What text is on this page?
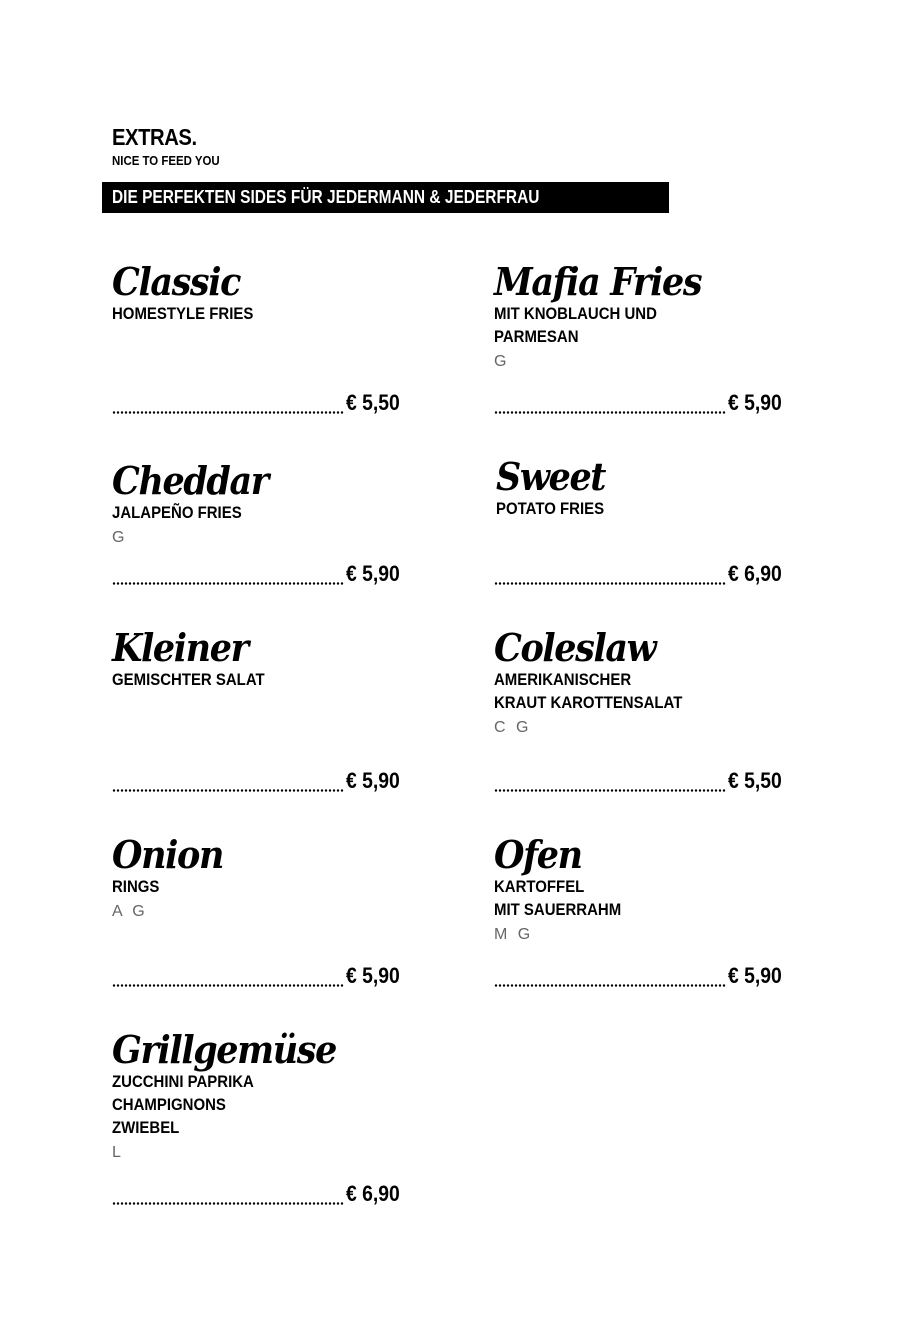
EXTRAS.
NICE TO FEED YOU
DIE PERFEKTEN SIDES FÜR JEDERMANN & JEDERFRAU
Classic
HOMESTYLE FRIES
€ 5,50
Mafia Fries
MIT KNOBLAUCH UND
PARMESAN
G
€ 5,90
Cheddar
JALAPEÑO FRIES
G
€ 5,90
Sweet
POTATO FRIES
€ 6,90
Kleiner
GEMISCHTER SALAT
€ 5,90
Coleslaw
AMERIKANISCHER
KRAUT KAROTTENSALAT
C G
€ 5,50
Onion
RINGS
A G
€ 5,90
Ofen
KARTOFFEL
MIT SAUERRAHM
M G
€ 5,90
Grillgemüse
ZUCCHINI PAPRIKA
CHAMPIGNONS
ZWIEBEL
L
€ 6,90
